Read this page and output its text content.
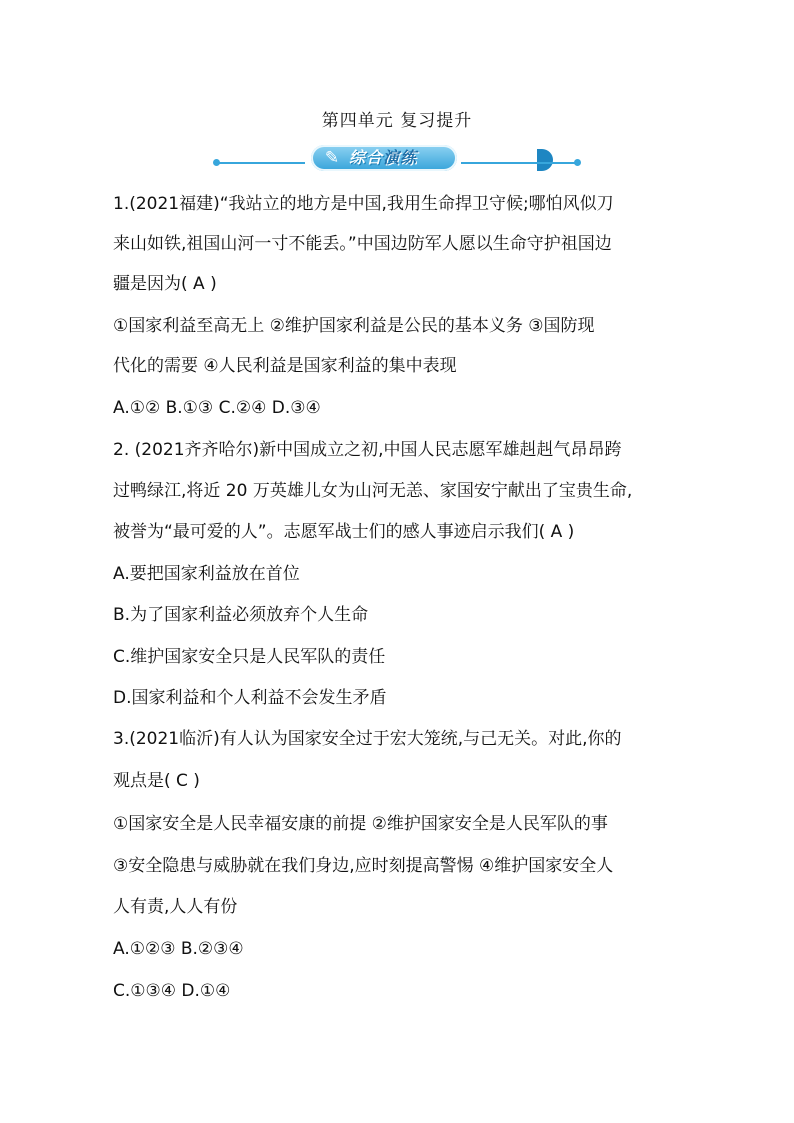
第四单元 复习提升
✎ 综合演练
1.(2021福建)“我站立的地方是中国,我用生命捍卫守候;哪怕风似刀
来山如铁,祖国山河一寸不能丢。”中国边防军人愿以生命守护祖国边
疆是因为( A )
①国家利益至高无上 ②维护国家利益是公民的基本义务 ③国防现
代化的需要 ④人民利益是国家利益的集中表现
A.①② B.①③ C.②④ D.③④
2. (2021齐齐哈尔)新中国成立之初,中国人民志愿军雄赳赳气昂昂跨
过鸭绿江,将近 20 万英雄儿女为山河无恙、家国安宁献出了宝贵生命,
被誉为“最可爱的人”。志愿军战士们的感人事迹启示我们( A )
A.要把国家利益放在首位
B.为了国家利益必须放弃个人生命
C.维护国家安全只是人民军队的责任
D.国家利益和个人利益不会发生矛盾
3.(2021临沂)有人认为国家安全过于宏大笼统,与己无关。对此,你的
观点是( C )
①国家安全是人民幸福安康的前提 ②维护国家安全是人民军队的事
③安全隐患与威胁就在我们身边,应时刻提高警惕 ④维护国家安全人
人有责,人人有份
A.①②③ B.②③④
C.①③④ D.①④
